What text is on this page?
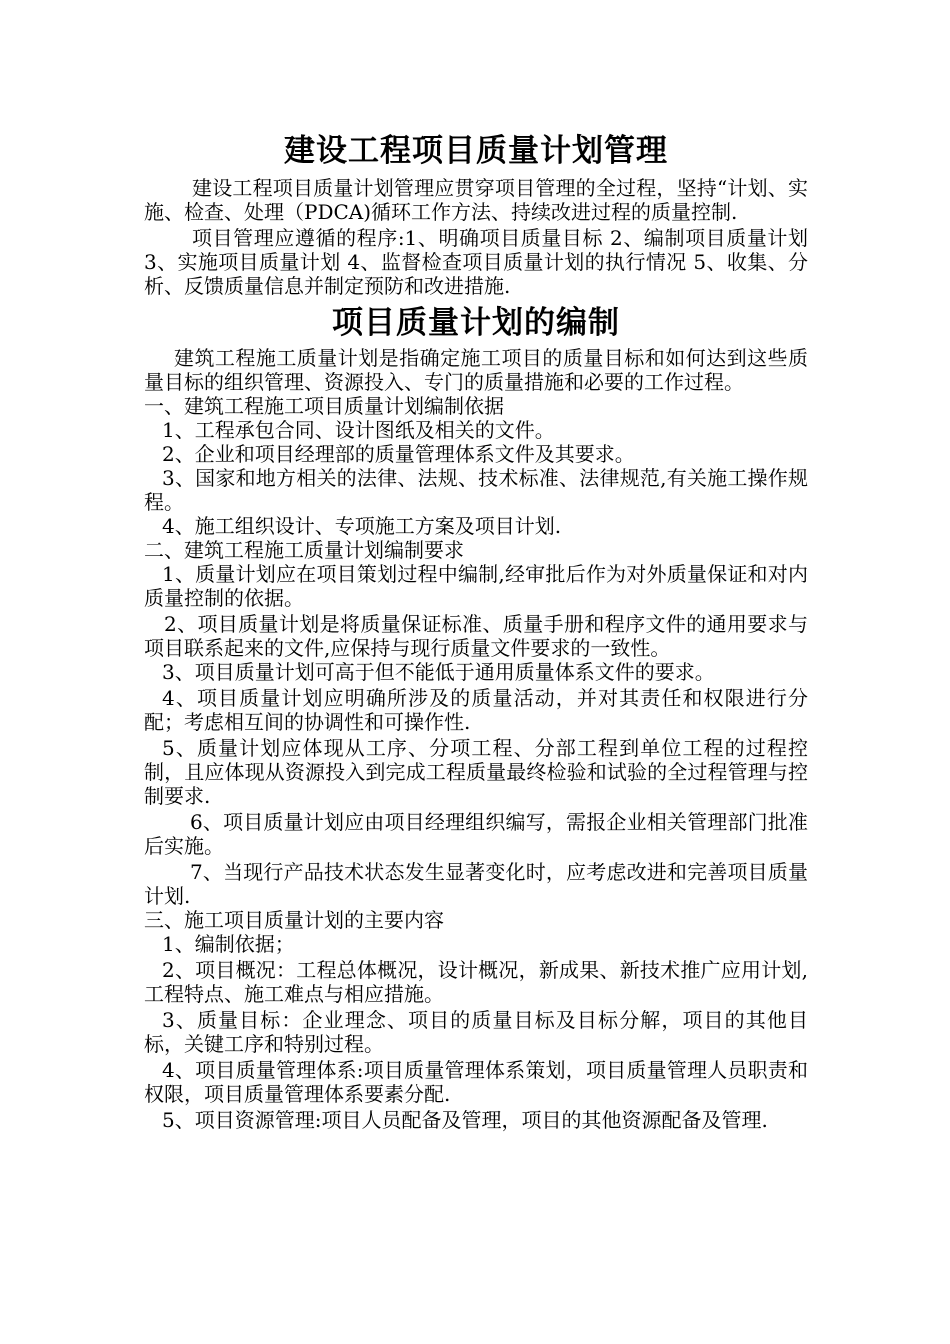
建设工程项目质量计划管理

建设工程项目质量计划管理应贯穿项目管理的全过程，坚持“计划、实施、检查、处理（PDCA)循环工作方法、持续改进过程的质量控制.

项目管理应遵循的程序:1、明确项目质量目标 2、编制项目质量计划 3、实施项目质量计划 4、监督检查项目质量计划的执行情况 5、收集、分析、反馈质量信息并制定预防和改进措施.

项目质量计划的编制

建筑工程施工质量计划是指确定施工项目的质量目标和如何达到这些质量目标的组织管理、资源投入、专门的质量措施和必要的工作过程。

一、建筑工程施工项目质量计划编制依据

1、工程承包合同、设计图纸及相关的文件。

2、企业和项目经理部的质量管理体系文件及其要求。

3、国家和地方相关的法律、法规、技术标准、法律规范,有关施工操作规程。

4、施工组织设计、专项施工方案及项目计划.

二、建筑工程施工质量计划编制要求

1、质量计划应在项目策划过程中编制,经审批后作为对外质量保证和对内质量控制的依据。

2、项目质量计划是将质量保证标准、质量手册和程序文件的通用要求与项目联系起来的文件,应保持与现行质量文件要求的一致性。

3、项目质量计划可高于但不能低于通用质量体系文件的要求。

4、项目质量计划应明确所涉及的质量活动，并对其责任和权限进行分配；考虑相互间的协调性和可操作性.

5、质量计划应体现从工序、分项工程、分部工程到单位工程的过程控制，且应体现从资源投入到完成工程质量最终检验和试验的全过程管理与控制要求.

6、项目质量计划应由项目经理组织编写，需报企业相关管理部门批准后实施。

7、当现行产品技术状态发生显著变化时，应考虑改进和完善项目质量计划.

三、施工项目质量计划的主要内容

1、编制依据；

2、项目概况：工程总体概况，设计概况，新成果、新技术推广应用计划,工程特点、施工难点与相应措施。

3、质量目标：企业理念、项目的质量目标及目标分解，项目的其他目标，关键工序和特别过程。

4、项目质量管理体系:项目质量管理体系策划，项目质量管理人员职责和权限，项目质量管理体系要素分配.

5、项目资源管理:项目人员配备及管理，项目的其他资源配备及管理.
